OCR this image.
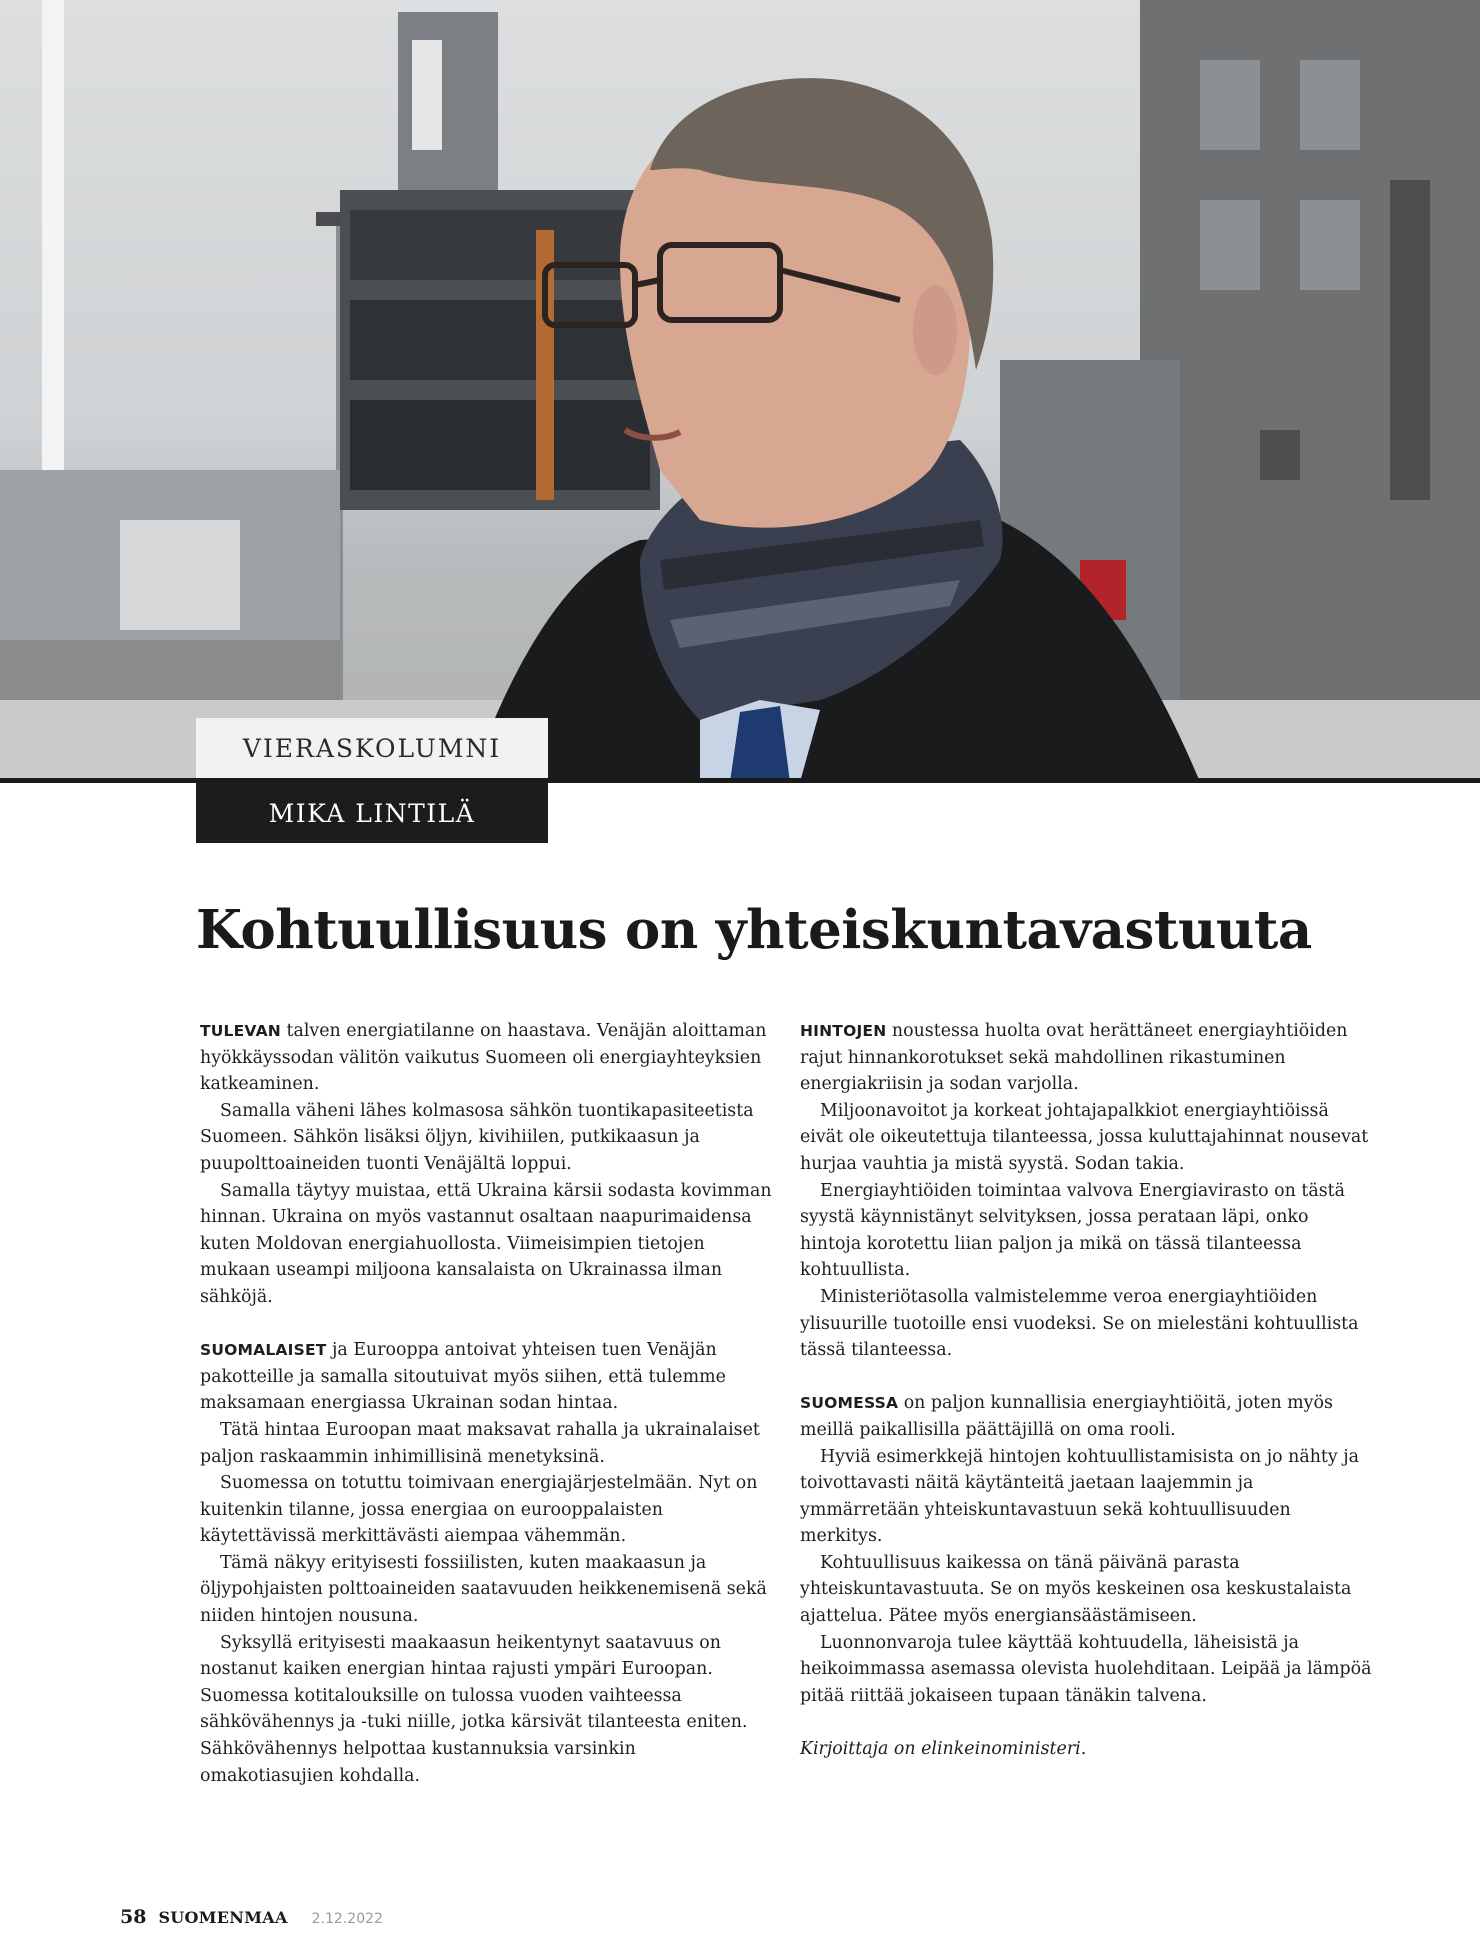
VIERASKOLUMNI
MIKA LINTILÄ
Kohtuullisuus on yhteiskuntavastuuta

TULEVAN talven energiatilanne on haastava. Venäjän aloittaman hyökkäyssodan välitön vaikutus Suomeen oli energiayhteyksien katkeaminen.

Samalla väheni lähes kolmasosa sähkön tuontikapasiteetista Suomeen. Sähkön lisäksi öljyn, kivihiilen, putkikaasun ja puupolttoaineiden tuonti Venäjältä loppui.

Samalla täytyy muistaa, että Ukraina kärsii sodasta kovimman hinnan. Ukraina on myös vastannut osaltaan naapurimaidensa kuten Moldovan energiahuollosta. Viimeisimpien tietojen mukaan useampi miljoona kansalaista on Ukrainassa ilman sähköjä.

SUOMALAISET ja Eurooppa antoivat yhteisen tuen Venäjän pakotteille ja samalla sitoutuivat myös siihen, että tulemme maksamaan energiassa Ukrainan sodan hintaa.

Tätä hintaa Euroopan maat maksavat rahalla ja ukrainalaiset paljon raskaammin inhimillisinä menetyksinä.

Suomessa on totuttu toimivaan energiajärjestelmään. Nyt on kuitenkin tilanne, jossa energiaa on eurooppalaisten käytettävissä merkittävästi aiempaa vähemmän.

Tämä näkyy erityisesti fossiilisten, kuten maakaasun ja öljypohjaisten polttoaineiden saatavuuden heikkenemisenä sekä niiden hintojen nousuna.

Syksyllä erityisesti maakaasun heikentynyt saatavuus on nostanut kaiken energian hintaa rajusti ympäri Euroopan. Suomessa kotitalouksille on tulossa vuoden vaihteessa sähkövähennys ja -tuki niille, jotka kärsivät tilanteesta eniten. Sähkövähennys helpottaa kustannuksia varsinkin omakotiasujien kohdalla.

HINTOJEN noustessa huolta ovat herättäneet energiayhtiöiden rajut hinnankorotukset sekä mahdollinen rikastuminen energiakriisin ja sodan varjolla.

Miljoonavoitot ja korkeat johtajapalkkiot energiayhtiöissä eivät ole oikeutettuja tilanteessa, jossa kuluttajahinnat nousevat hurjaa vauhtia ja mistä syystä. Sodan takia.

Energiayhtiöiden toimintaa valvova Energiavirasto on tästä syystä käynnistänyt selvityksen, jossa perataan läpi, onko hintoja korotettu liian paljon ja mikä on tässä tilanteessa kohtuullista.

Ministeriötasolla valmistelemme veroa energiayhtiöiden ylisuurille tuotoille ensi vuodeksi. Se on mielestäni kohtuullista tässä tilanteessa.

SUOMESSA on paljon kunnallisia energiayhtiöitä, joten myös meillä paikallisilla päättäjillä on oma rooli.

Hyviä esimerkkejä hintojen kohtuullistamisista on jo nähty ja toivottavasti näitä käytänteitä jaetaan laajemmin ja ymmärretään yhteiskuntavastuun sekä kohtuullisuuden merkitys.

Kohtuullisuus kaikessa on tänä päivänä parasta yhteiskuntavastuuta. Se on myös keskeinen osa keskustalaista ajattelua. Pätee myös energiansäästämiseen.

Luonnonvaroja tulee käyttää kohtuudella, läheisistä ja heikoimmassa asemassa olevista huolehditaan. Leipää ja lämpöä pitää riittää jokaiseen tupaan tänäkin talvena.

Kirjoittaja on elinkeinoministeri.

58 SUOMENMAA 2.12.2022
